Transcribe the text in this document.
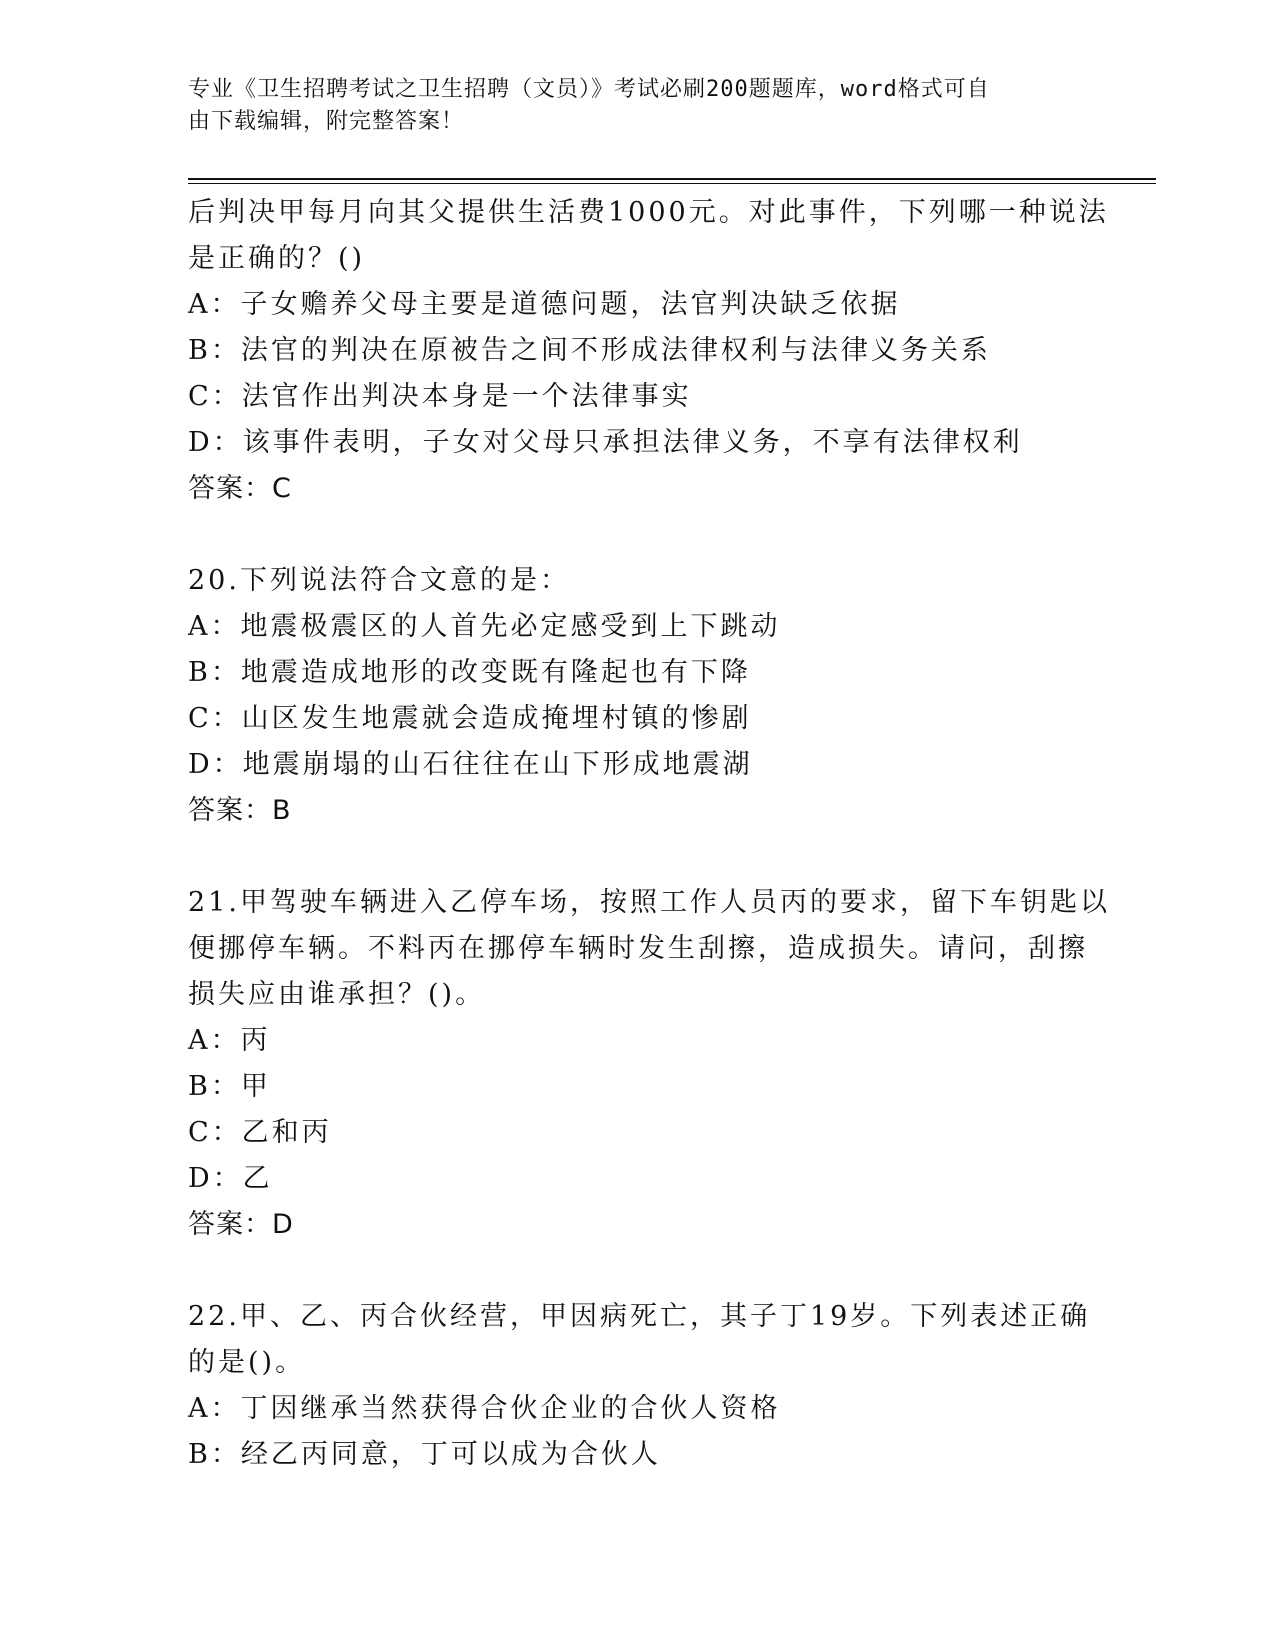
专业《卫生招聘考试之卫生招聘（文员）》考试必刷200题题库，word格式可自
由下载编辑，附完整答案！
后判决甲每月向其父提供生活费1000元。对此事件，下列哪一种说法
是正确的？()
A：子女赡养父母主要是道德问题，法官判决缺乏依据
B：法官的判决在原被告之间不形成法律权利与法律义务关系
C：法官作出判决本身是一个法律事实
D：该事件表明，子女对父母只承担法律义务，不享有法律权利
答案：C
20.下列说法符合文意的是：
A：地震极震区的人首先必定感受到上下跳动
B：地震造成地形的改变既有隆起也有下降
C：山区发生地震就会造成掩埋村镇的惨剧
D：地震崩塌的山石往往在山下形成地震湖
答案：B
21.甲驾驶车辆进入乙停车场，按照工作人员丙的要求，留下车钥匙以
便挪停车辆。不料丙在挪停车辆时发生刮擦，造成损失。请问，刮擦
损失应由谁承担？()。
A：丙
B：甲
C：乙和丙
D：乙
答案：D
22.甲、乙、丙合伙经营，甲因病死亡，其子丁19岁。下列表述正确
的是()。
A：丁因继承当然获得合伙企业的合伙人资格
B：经乙丙同意，丁可以成为合伙人
